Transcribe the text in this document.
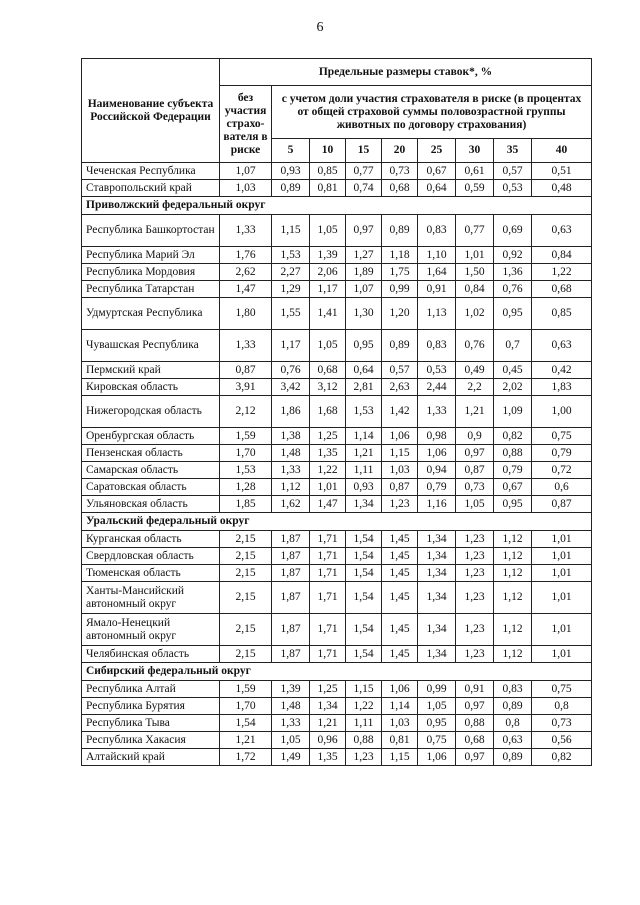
6
Наименование субъекта Российской Федерации	Предельные размеры ставок*, %								
	без участия страхо-вателя в риске	с учетом доли участия страхователя в риске (в процентах от общей страховой суммы половозрастной группы животных по договору страхования)							
		5	10	15	20	25	30	35	40
Чеченская Республика	1,07	0,93	0,85	0,77	0,73	0,67	0,61	0,57	0,51
Ставропольский край	1,03	0,89	0,81	0,74	0,68	0,64	0,59	0,53	0,48
Приволжский федеральный округ									
Республика Башкортостан	1,33	1,15	1,05	0,97	0,89	0,83	0,77	0,69	0,63
Республика Марий Эл	1,76	1,53	1,39	1,27	1,18	1,10	1,01	0,92	0,84
Республика Мордовия	2,62	2,27	2,06	1,89	1,75	1,64	1,50	1,36	1,22
Республика Татарстан	1,47	1,29	1,17	1,07	0,99	0,91	0,84	0,76	0,68
Удмуртская Республика	1,80	1,55	1,41	1,30	1,20	1,13	1,02	0,95	0,85
Чувашская Республика	1,33	1,17	1,05	0,95	0,89	0,83	0,76	0,7	0,63
Пермский край	0,87	0,76	0,68	0,64	0,57	0,53	0,49	0,45	0,42
Кировская область	3,91	3,42	3,12	2,81	2,63	2,44	2,2	2,02	1,83
Нижегородская область	2,12	1,86	1,68	1,53	1,42	1,33	1,21	1,09	1,00
Оренбургская область	1,59	1,38	1,25	1,14	1,06	0,98	0,9	0,82	0,75
Пензенская область	1,70	1,48	1,35	1,21	1,15	1,06	0,97	0,88	0,79
Самарская область	1,53	1,33	1,22	1,11	1,03	0,94	0,87	0,79	0,72
Саратовская область	1,28	1,12	1,01	0,93	0,87	0,79	0,73	0,67	0,6
Ульяновская область	1,85	1,62	1,47	1,34	1,23	1,16	1,05	0,95	0,87
Уральский федеральный округ									
Курганская область	2,15	1,87	1,71	1,54	1,45	1,34	1,23	1,12	1,01
Свердловская область	2,15	1,87	1,71	1,54	1,45	1,34	1,23	1,12	1,01
Тюменская область	2,15	1,87	1,71	1,54	1,45	1,34	1,23	1,12	1,01
Ханты-Мансийский автономный округ	2,15	1,87	1,71	1,54	1,45	1,34	1,23	1,12	1,01
Ямало-Ненецкий автономный округ	2,15	1,87	1,71	1,54	1,45	1,34	1,23	1,12	1,01
Челябинская область	2,15	1,87	1,71	1,54	1,45	1,34	1,23	1,12	1,01
Сибирский федеральный округ									
Республика Алтай	1,59	1,39	1,25	1,15	1,06	0,99	0,91	0,83	0,75
Республика Бурятия	1,70	1,48	1,34	1,22	1,14	1,05	0,97	0,89	0,8
Республика Тыва	1,54	1,33	1,21	1,11	1,03	0,95	0,88	0,8	0,73
Республика Хакасия	1,21	1,05	0,96	0,88	0,81	0,75	0,68	0,63	0,56
Алтайский край	1,72	1,49	1,35	1,23	1,15	1,06	0,97	0,89	0,82
